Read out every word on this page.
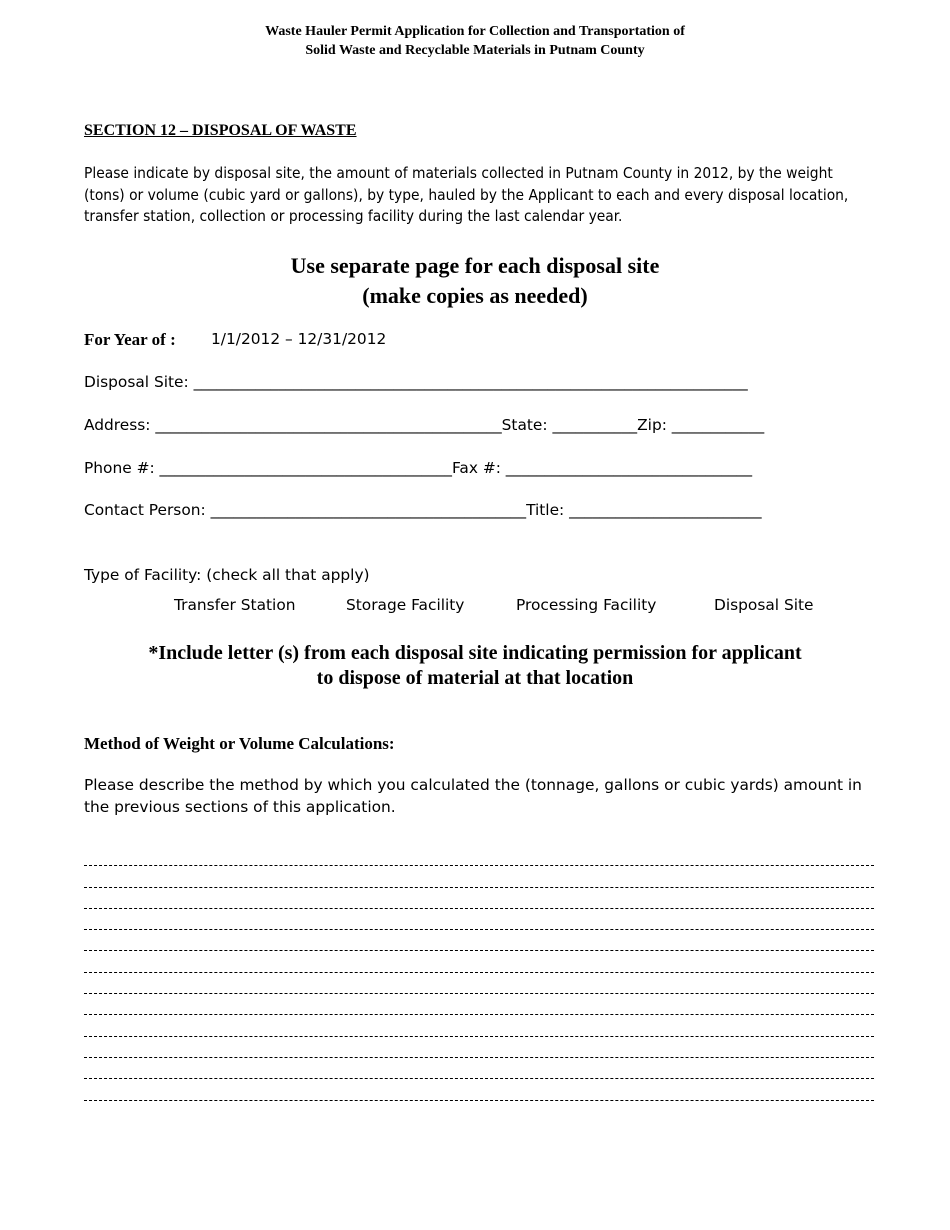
Waste Hauler Permit Application for Collection and Transportation of
Solid Waste and Recyclable Materials in Putnam County
SECTION 12 – DISPOSAL OF WASTE
Please indicate by disposal site, the amount of materials collected in Putnam County in 2012, by the weight (tons) or volume (cubic yard or gallons), by type, hauled by the Applicant to each and every disposal location, transfer station, collection or processing facility during the last calendar year.
Use separate page for each disposal site
(make copies as needed)
For Year of : 1/1/2012 – 12/31/2012
Disposal Site: ________________________________________________________________________
Address: _____________________________________________State: ___________Zip: ____________
Phone #: ______________________________________Fax #: ________________________________
Contact Person: _________________________________________Title: _________________________
Type of Facility: (check all that apply)
Transfer Station	Storage Facility	Processing Facility	Disposal Site
*Include letter (s) from each disposal site indicating permission for applicant
to dispose of material at that location
Method of Weight or Volume Calculations:
Please describe the method by which you calculated the (tonnage, gallons or cubic yards) amount in the previous sections of this application.
